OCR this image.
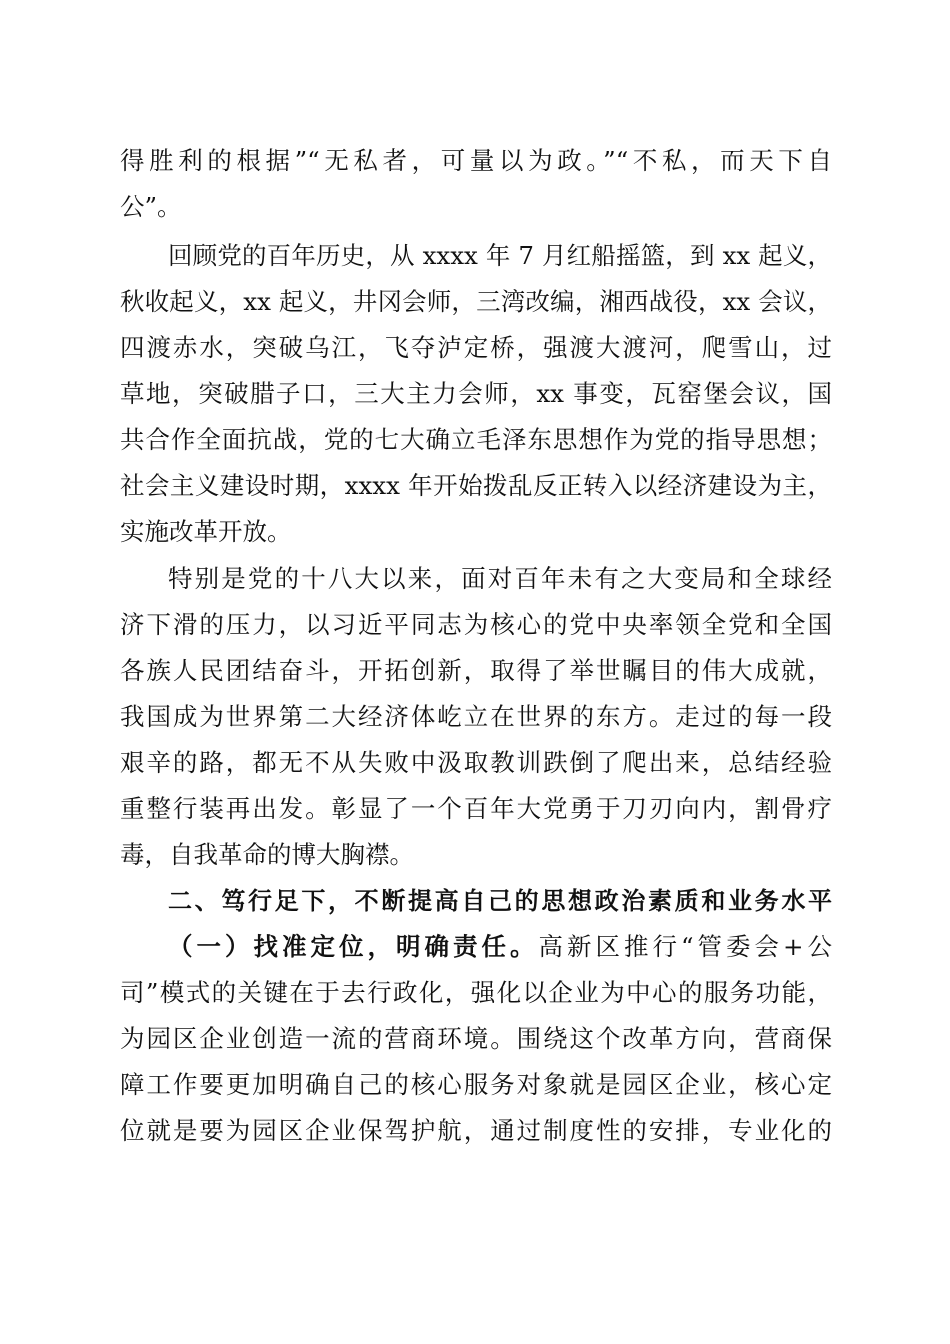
得胜利的根据”“无私者，可量以为政。”“不私，而天下自
公”。
回顾党的百年历史，从 xxxx 年 7 月红船摇篮，到 xx 起义，
秋收起义，xx 起义，井冈会师，三湾改编，湘西战役，xx 会议，
四渡赤水，突破乌江，飞夺泸定桥，强渡大渡河，爬雪山，过
草地，突破腊子口，三大主力会师，xx 事变，瓦窑堡会议，国
共合作全面抗战，党的七大确立毛泽东思想作为党的指导思想；
社会主义建设时期，xxxx 年开始拨乱反正转入以经济建设为主，
实施改革开放。
特别是党的十八大以来，面对百年未有之大变局和全球经
济下滑的压力，以习近平同志为核心的党中央率领全党和全国
各族人民团结奋斗，开拓创新，取得了举世瞩目的伟大成就，
我国成为世界第二大经济体屹立在世界的东方。走过的每一段
艰辛的路，都无不从失败中汲取教训跌倒了爬出来，总结经验
重整行装再出发。彰显了一个百年大党勇于刀刃向内，割骨疗
毒，自我革命的博大胸襟。
二、笃行足下，不断提高自己的思想政治素质和业务水平
（一）找准定位，明确责任。高新区推行“管委会+公
司”模式的关键在于去行政化，强化以企业为中心的服务功能，
为园区企业创造一流的营商环境。围绕这个改革方向，营商保
障工作要更加明确自己的核心服务对象就是园区企业，核心定
位就是要为园区企业保驾护航，通过制度性的安排，专业化的
